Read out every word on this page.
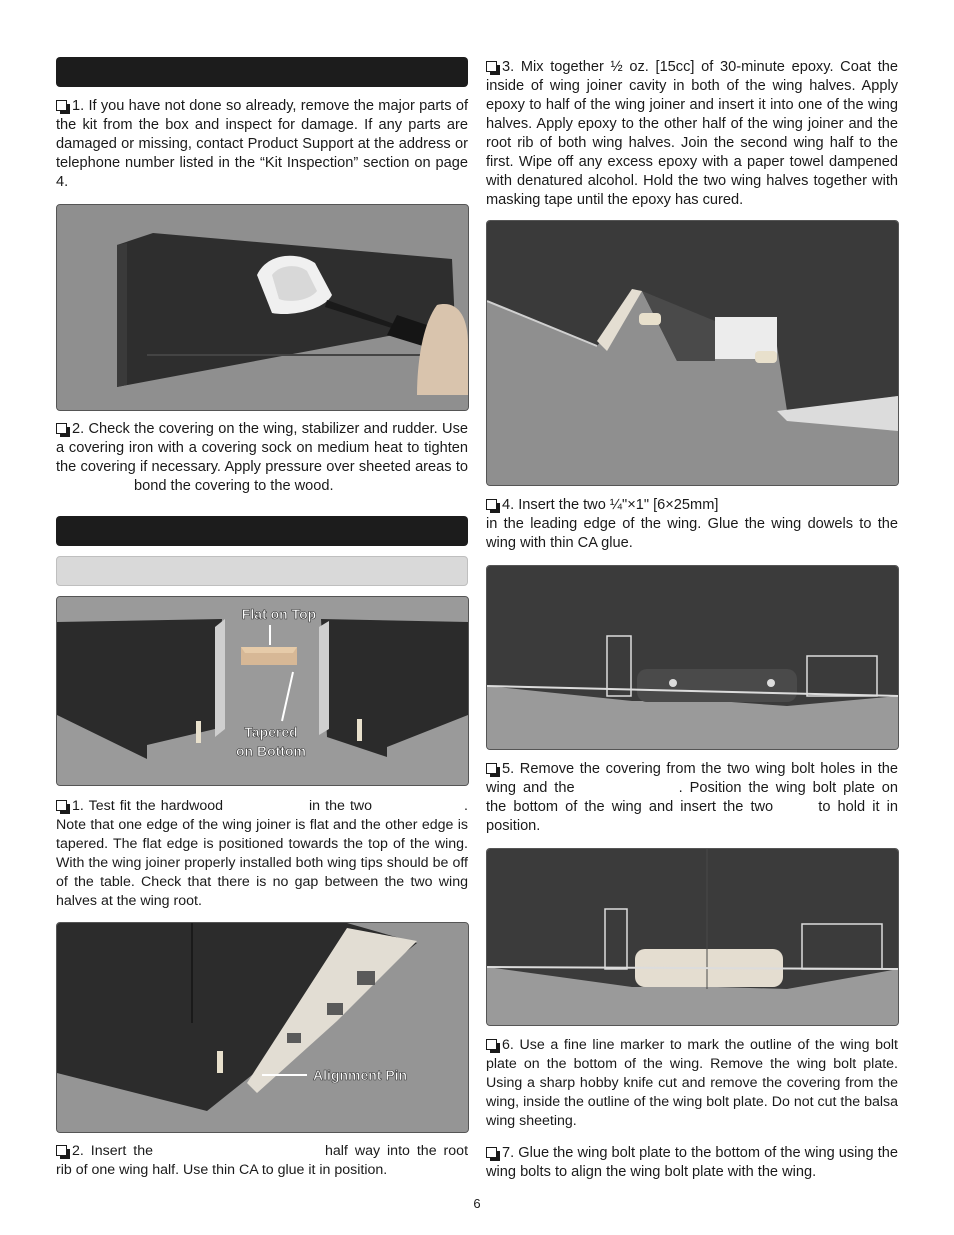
1. If you have not done so already, remove the major parts of the kit from the box and inspect for damage. If any parts are damaged or missing, contact Product Support at the address or telephone number listed in the “Kit Inspection” section on page 4.

2. Check the covering on the wing, stabilizer and rudder. Use a covering iron with a covering sock on medium heat to tighten the covering if necessary. Apply pressure over sheeted areas to bond the covering to the wood.

Flat on Top
Tapered
on Bottom

1. Test fit the hardwood	in the two	. Note that one edge of the wing joiner is flat and the other edge is tapered. The flat edge is positioned towards the top of the wing. With the wing joiner properly installed both wing tips should be off of the table. Check that there is no gap between the two wing halves at the wing root.

Alignment Pin

2. Insert the	half way into the root rib of one wing half. Use thin CA to glue it in position.

3. Mix together ½ oz. [15cc] of 30-minute epoxy. Coat the inside of wing joiner cavity in both of the wing halves. Apply epoxy to half of the wing joiner and insert it into one of the wing halves. Apply epoxy to the other half of the wing joiner and the root rib of both wing halves. Join the second wing half to the first. Wipe off any excess epoxy with a paper towel dampened with denatured alcohol. Hold the two wing halves together with masking tape until the epoxy has cured.

4. Insert the two ¼"×1" [6×25mm]
in the leading edge of the wing. Glue the wing dowels to the wing with thin CA glue.

5. Remove the covering from the two wing bolt holes in the wing and the	. Position the wing bolt plate on the bottom of the wing and insert the two	to hold it in position.

6. Use a fine line marker to mark the outline of the wing bolt plate on the bottom of the wing. Remove the wing bolt plate. Using a sharp hobby knife cut and remove the covering from the wing, inside the outline of the wing bolt plate. Do not cut the balsa wing sheeting.

7. Glue the wing bolt plate to the bottom of the wing using the wing bolts to align the wing bolt plate with the wing.

6
